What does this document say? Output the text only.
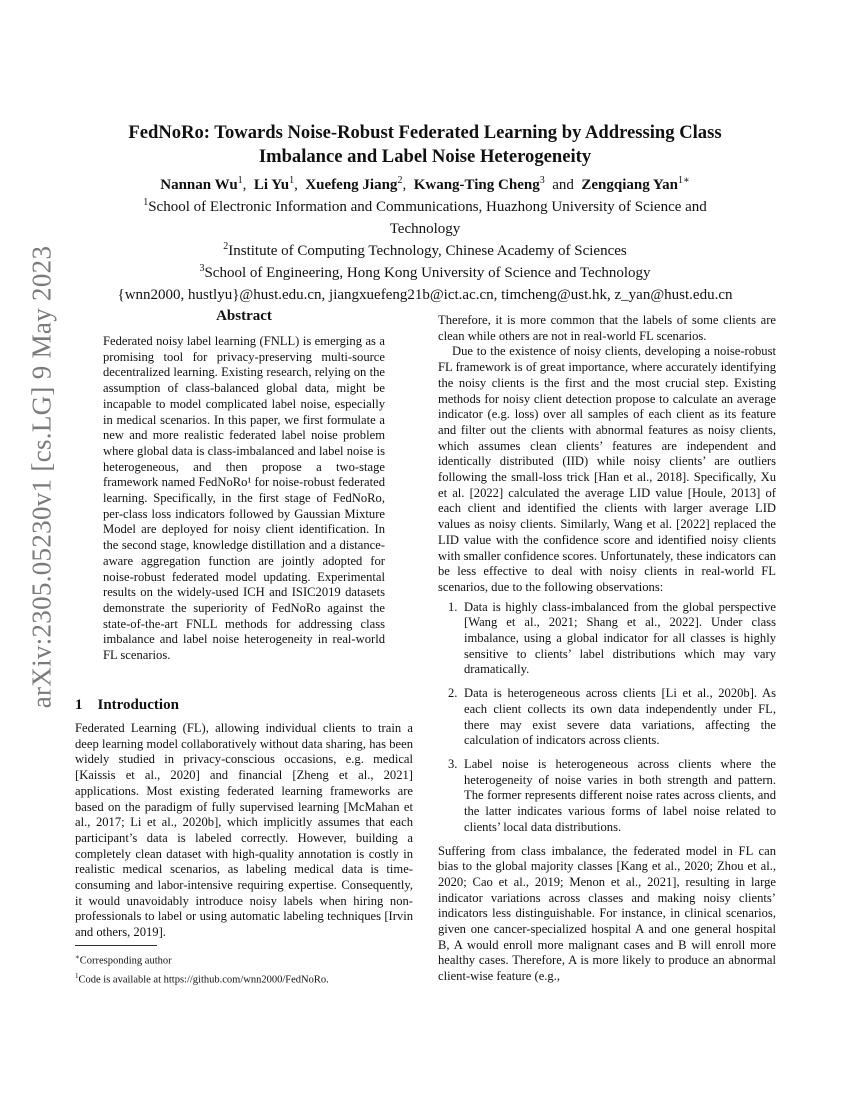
FedNoRo: Towards Noise-Robust Federated Learning by Addressing Class
Imbalance and Label Noise Heterogeneity
Nannan Wu$^1$,  Li Yu$^1$,  Xuefeng Jiang$^2$,  Kwang-Ting Cheng$^3$ and Zengqiang Yan$^{1∗}$
$^1$School of Electronic Information and Communications, Huazhong University of Science and
Technology
$^2$Institute of Computing Technology, Chinese Academy of Sciences
$^3$School of Engineering, Hong Kong University of Science and Technology
{wnn2000, hustlyu}@hust.edu.cn, jiangxuefeng21b@ict.ac.cn, timcheng@ust.hk, z_yan@hust.edu.cn
arXiv:2305.05230v1 [cs.LG] 9 May 2023	Abstract

Federated noisy label learning (FNLL) is emerging as a promising tool for privacy-preserving multi-source decentralized learning. Existing research, relying on the assumption of class-balanced global data, might be incapable to model complicated label noise, especially in medical scenarios. In this paper, we first formulate a new and more realistic federated label noise problem where global data is class-imbalanced and label noise is heterogeneous, and then propose a two-stage framework named FedNoRo¹ for noise-robust federated learning. Specifically, in the first stage of FedNoRo, per-class loss indicators followed by Gaussian Mixture Model are deployed for noisy client identification. In the second stage, knowledge distillation and a distance-aware aggregation function are jointly adopted for noise-robust federated model updating. Experimental results on the widely-used ICH and ISIC2019 datasets demonstrate the superiority of FedNoRo against the state-of-the-art FNLL methods for addressing class imbalance and label noise heterogeneity in real-world FL scenarios.

1 Introduction

Federated Learning (FL), allowing individual clients to train a deep learning model collaboratively without data sharing, has been widely studied in privacy-conscious occasions, e.g. medical [Kaissis et al., 2020] and financial [Zheng et al., 2021] applications. Most existing federated learning frameworks are based on the paradigm of fully supervised learning [McMahan et al., 2017; Li et al., 2020b], which implicitly assumes that each participant’s data is labeled correctly. However, building a completely clean dataset with high-quality annotation is costly in realistic medical scenarios, as labeling medical data is time-consuming and labor-intensive requiring expertise. Consequently, it would unavoidably introduce noisy labels when hiring non-professionals to label or using automatic labeling techniques [Irvin and others, 2019].

∗Corresponding author
$^1$Code is available at https://github.com/wnn2000/FedNoRo.

Therefore, it is more common that the labels of some clients are clean while others are not in real-world FL scenarios.

Due to the existence of noisy clients, developing a noise-robust FL framework is of great importance, where accurately identifying the noisy clients is the first and the most crucial step. Existing methods for noisy client detection propose to calculate an average indicator (e.g. loss) over all samples of each client as its feature and filter out the clients with abnormal features as noisy clients, which assumes clean clients’ features are independent and identically distributed (IID) while noisy clients’ are outliers following the small-loss trick [Han et al., 2018]. Specifically, Xu et al. [2022] calculated the average LID value [Houle, 2013] of each client and identified the clients with larger average LID values as noisy clients. Similarly, Wang et al. [2022] replaced the LID value with the confidence score and identified noisy clients with smaller confidence scores. Unfortunately, these indicators can be less effective to deal with noisy clients in real-world FL scenarios, due to the following observations:

1. Data is highly class-imbalanced from the global perspective [Wang et al., 2021; Shang et al., 2022]. Under class imbalance, using a global indicator for all classes is highly sensitive to clients’ label distributions which may vary dramatically.
2. Data is heterogeneous across clients [Li et al., 2020b]. As each client collects its own data independently under FL, there may exist severe data variations, affecting the calculation of indicators across clients.
3. Label noise is heterogeneous across clients where the heterogeneity of noise varies in both strength and pattern. The former represents different noise rates across clients, and the latter indicates various forms of label noise related to clients’ local data distributions.

Suffering from class imbalance, the federated model in FL can bias to the global majority classes [Kang et al., 2020; Zhou et al., 2020; Cao et al., 2019; Menon et al., 2021], resulting in large indicator variations across classes and making noisy clients’ indicators less distinguishable. For instance, in clinical scenarios, given one cancer-specialized hospital A and one general hospital B, A would enroll more malignant cases and B will enroll more healthy cases. Therefore, A is more likely to produce an abnormal client-wise feature (e.g.,
